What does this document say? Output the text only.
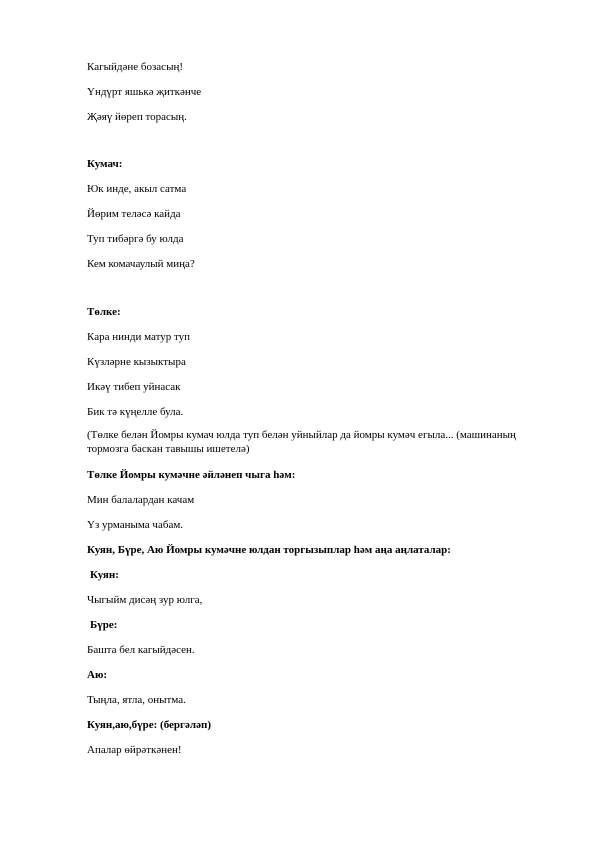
Кагыйдәне бозасың!
Үндүрт яшькә җиткәнче
Җәяү йөреп торасың.
Кумач:
Юк инде, акыл сатма
Йөрим теләсә кайда
Туп тибәргә бу юлда
Кем комачаулый миңа?
Төлке:
Кара нинди матур туп
Күзләрне кызыктыра
Икәү тибеп уйнасак
Бик тә күңелле була.
(Төлке белән Йомры кумач юлда туп белән уйныйлар да йомры кумәч егыла... (машинаның тормозга баскан тавышы ишетелә)
Төлке Йомры кумәчне әйләнеп чыга һәм:
Мин балалардан качам
Үз урманыма чабам.
Куян, Бүре, Аю Йомры кумәчне юлдан торгызыплар һәм аңа аңлаталар:
Куян:
Чыгыйм дисәң зур юлга,
Бүре:
Башта бел кагыйдәсен.
Аю:
Тыңла, ятла, онытма.
Куян,аю,бүре: (бергәләп)
Апалар өйрәткәнен!
